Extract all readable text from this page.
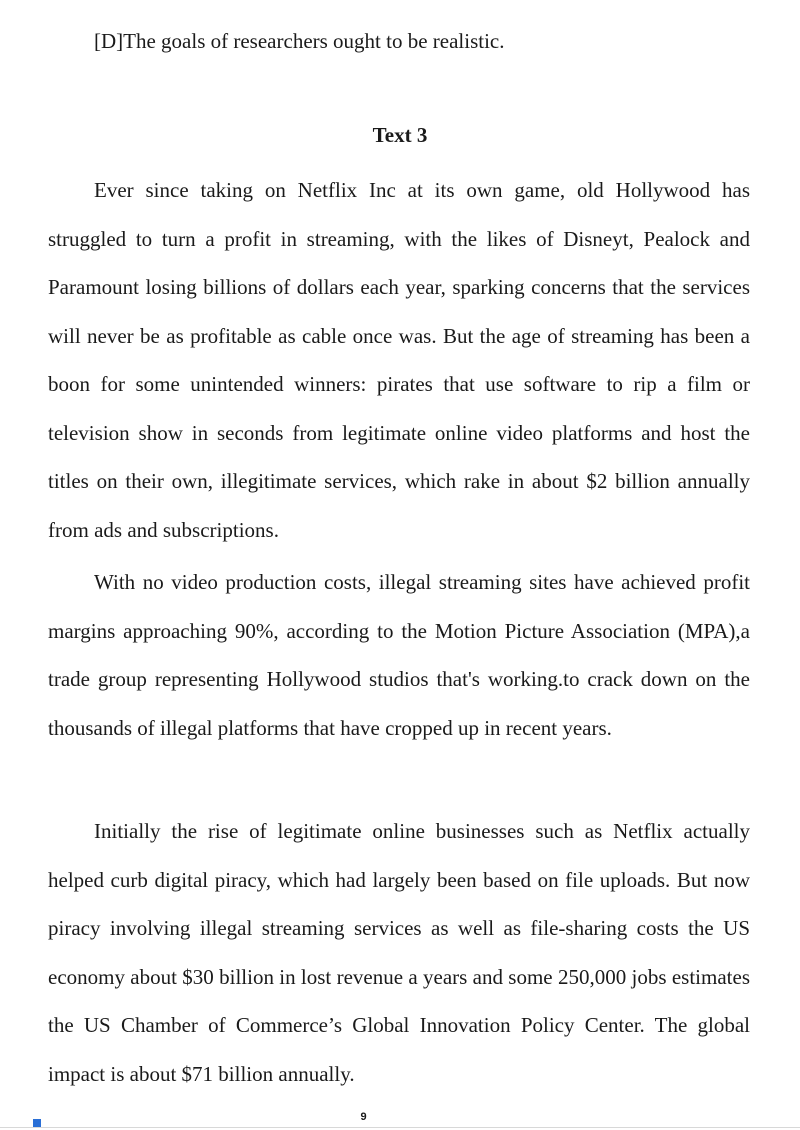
[D]The goals of researchers ought to be realistic.
Text 3

Ever since taking on Netflix Inc at its own game, old Hollywood has struggled to turn a profit in streaming, with the likes of Disneyt, Pealock and Paramount losing billions of dollars each year, sparking concerns that the services will never be as profitable as cable once was. But the age of streaming has been a boon for some unintended winners: pirates that use software to rip a film or television show in seconds from legitimate online video platforms and host the titles on their own, illegitimate services, which rake in about $2 billion annually from ads and subscriptions.

With no video production costs, illegal streaming sites have achieved profit margins approaching 90%, according to the Motion Picture Association (MPA),a trade group representing Hollywood studios that's working.to crack down on the thousands of illegal platforms that have cropped up in recent years.

Initially the rise of legitimate online businesses such as Netflix actually helped curb digital piracy, which had largely been based on file uploads. But now piracy involving illegal streaming services as well as file-sharing costs the US economy about $30 billion in lost revenue a years and some 250,000 jobs estimates the US Chamber of Commerce’s Global Innovation Policy Center. The global impact is about $71 billion annually.

9
